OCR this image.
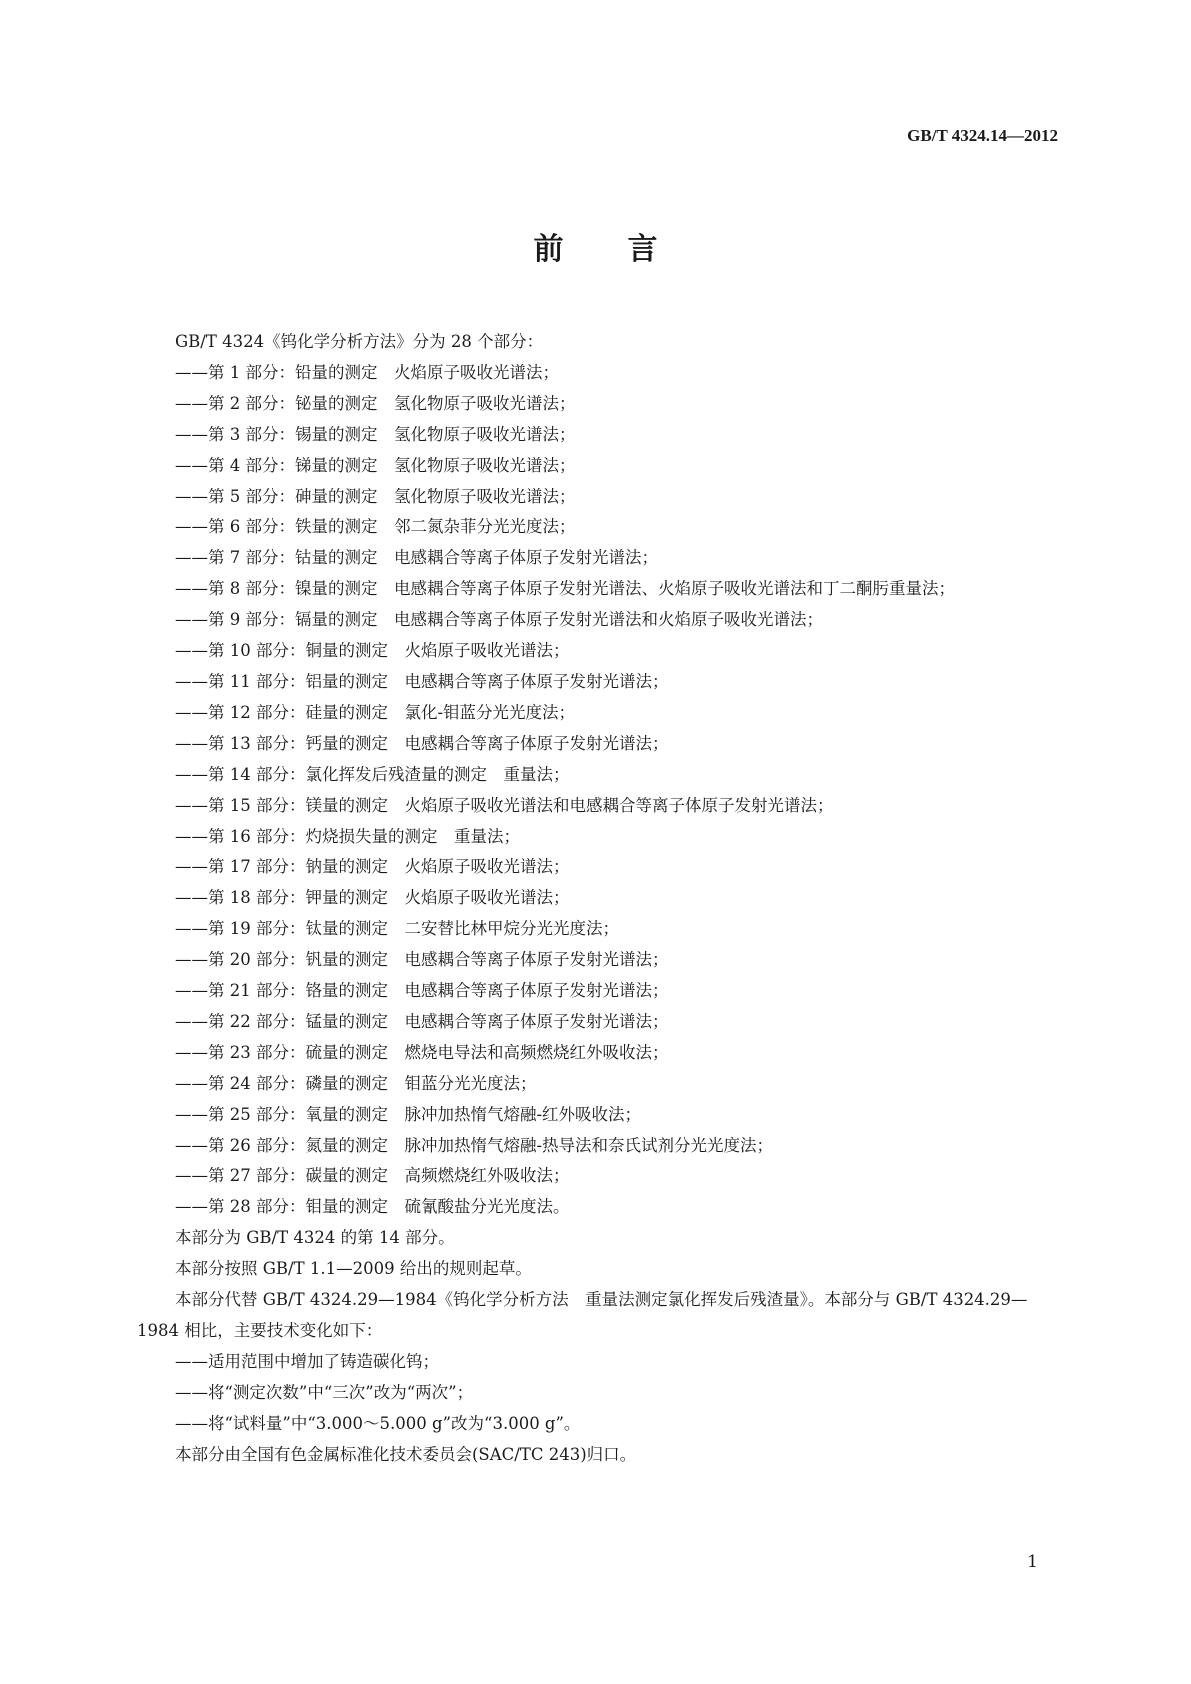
GB/T 4324.14—2012
前 言

GB/T 4324《钨化学分析方法》分为 28 个部分：

——第 1 部分：铅量的测定　火焰原子吸收光谱法；

——第 2 部分：铋量的测定　氢化物原子吸收光谱法；

——第 3 部分：锡量的测定　氢化物原子吸收光谱法；

——第 4 部分：锑量的测定　氢化物原子吸收光谱法；

——第 5 部分：砷量的测定　氢化物原子吸收光谱法；

——第 6 部分：铁量的测定　邻二氮杂菲分光光度法；

——第 7 部分：钴量的测定　电感耦合等离子体原子发射光谱法；

——第 8 部分：镍量的测定　电感耦合等离子体原子发射光谱法、火焰原子吸收光谱法和丁二酮肟重量法；

——第 9 部分：镉量的测定　电感耦合等离子体原子发射光谱法和火焰原子吸收光谱法；

——第 10 部分：铜量的测定　火焰原子吸收光谱法；

——第 11 部分：铝量的测定　电感耦合等离子体原子发射光谱法；

——第 12 部分：硅量的测定　氯化-钼蓝分光光度法；

——第 13 部分：钙量的测定　电感耦合等离子体原子发射光谱法；

——第 14 部分：氯化挥发后残渣量的测定　重量法；

——第 15 部分：镁量的测定　火焰原子吸收光谱法和电感耦合等离子体原子发射光谱法；

——第 16 部分：灼烧损失量的测定　重量法；

——第 17 部分：钠量的测定　火焰原子吸收光谱法；

——第 18 部分：钾量的测定　火焰原子吸收光谱法；

——第 19 部分：钛量的测定　二安替比林甲烷分光光度法；

——第 20 部分：钒量的测定　电感耦合等离子体原子发射光谱法；

——第 21 部分：铬量的测定　电感耦合等离子体原子发射光谱法；

——第 22 部分：锰量的测定　电感耦合等离子体原子发射光谱法；

——第 23 部分：硫量的测定　燃烧电导法和高频燃烧红外吸收法；

——第 24 部分：磷量的测定　钼蓝分光光度法；

——第 25 部分：氧量的测定　脉冲加热惰气熔融-红外吸收法；

——第 26 部分：氮量的测定　脉冲加热惰气熔融-热导法和奈氏试剂分光光度法；

——第 27 部分：碳量的测定　高频燃烧红外吸收法；

——第 28 部分：钼量的测定　硫氰酸盐分光光度法。

本部分为 GB/T 4324 的第 14 部分。

本部分按照 GB/T 1.1—2009 给出的规则起草。

本部分代替 GB/T 4324.29—1984《钨化学分析方法　重量法测定氯化挥发后残渣量》。本部分与 GB/T 4324.29—1984 相比，主要技术变化如下：

——适用范围中增加了铸造碳化钨；

——将“测定次数”中“三次”改为“两次”；

——将“试料量”中“3.000～5.000 g”改为“3.000 g”。

本部分由全国有色金属标准化技术委员会(SAC/TC 243)归口。

1
